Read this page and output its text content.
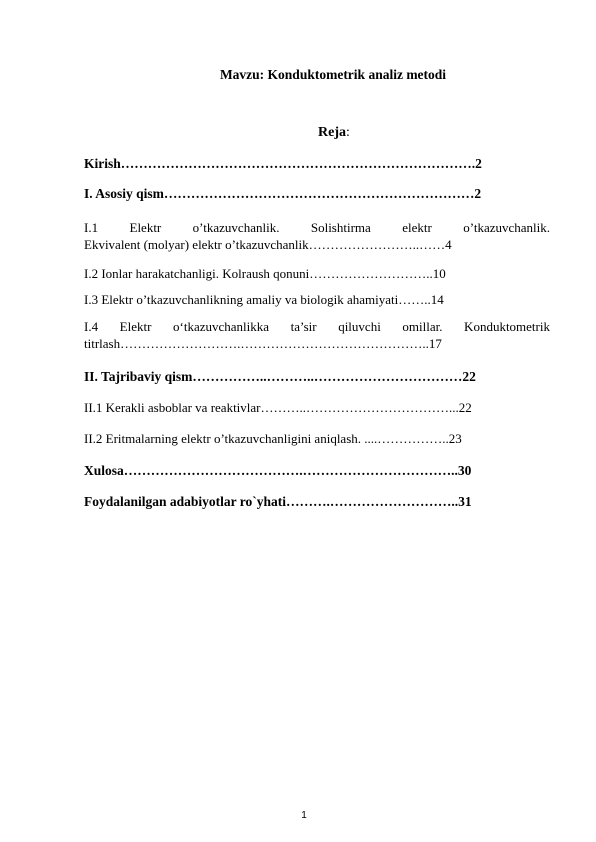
Mavzu: Konduktometrik analiz metodi
Reja:
Kirish…………………………………………………………………….2
I. Asosiy qism……………………………………………………………2
I.1 Elektr o’tkazuvchanlik. Solishtirma elektr o’tkazuvchanlik.
Ekvivalent (molyar) elektr o’tkazuvchanlik……………………..……4
I.2 Ionlar harakatchanligi. Kolraush qonuni………………………..10
I.3 Elektr o’tkazuvchanlikning amaliy va biologik ahamiyati……..14
I.4 Elektr o‘tkazuvchanlikka ta’sir qiluvchi omillar. Konduktometrik
titrlash……………………….……………………………………..17
II. Tajribaviy qism……………..………..……………………………22
II.1 Kerakli asboblar va reaktivlar………..……………………………...22
II.2 Eritmalarning elektr o’tkazuvchanligini aniqlash. ....……………..23
Xulosa………………………………….……………………………..30
Foydalanilgan adabiyotlar ro`yhati……….………………………..31
1
